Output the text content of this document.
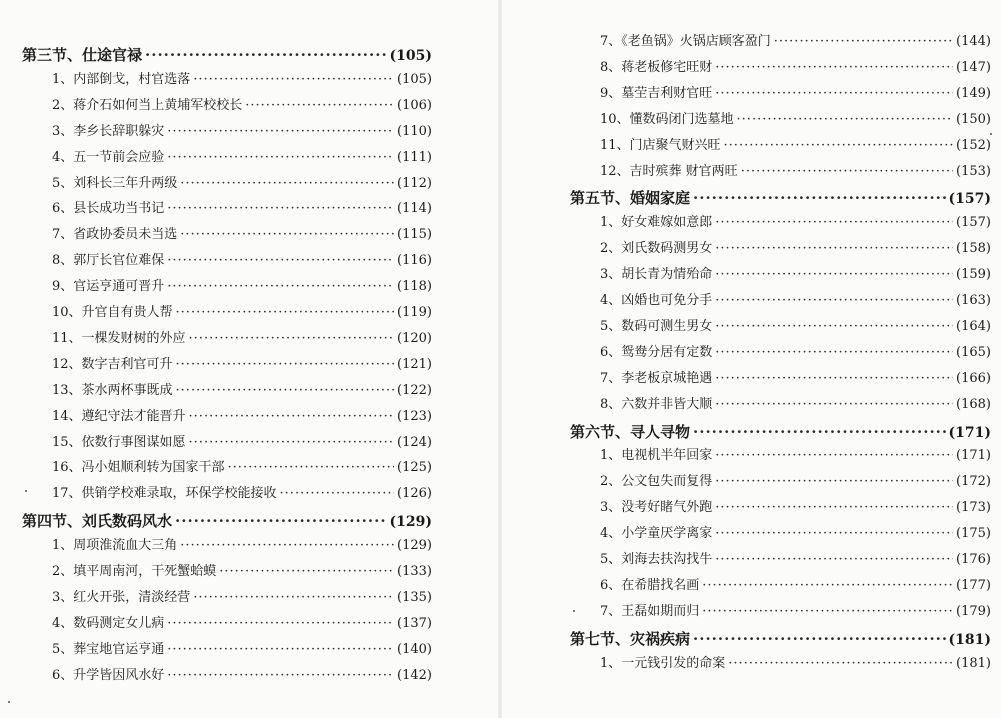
第三节、仕途官禄 ·····	(105)
1、内部倒戈，村官选落 ·····	(105)
2、蒋介石如何当上黄埔军校校长 ·····	(106)
3、李乡长辞职躲灾 ·····	(110)
4、五一节前会应验 ·····	(111)
5、刘科长三年升两级 ·····	(112)
6、县长成功当书记 ·····	(114)
7、省政协委员未当选 ·····	(115)
8、郭厅长官位难保 ·····	(116)
9、官运亨通可晋升 ·····	(118)
10、升官自有贵人帮 ·····	(119)
11、一棵发财树的外应 ·····	(120)
12、数字吉利官可升 ·····	(121)
13、茶水两杯事既成 ·····	(122)
14、遵纪守法才能晋升 ·····	(123)
15、依数行事图谋如愿 ·····	(124)
16、冯小姐顺利转为国家干部 ·····	(125)
17、供销学校难录取，环保学校能接收 ·····	(126)
第四节、刘氏数码风水 ·····	(129)
1、周项淮流血大三角 ·····	(129)
2、填平周南河，干死蟹蛤蟆 ·····	(133)
3、红火开张，清淡经营 ·····	(135)
4、数码测定女儿病 ·····	(137)
5、葬宝地官运亨通 ·····	(140)
6、升学皆因风水好 ·····	(142)
7、《老鱼锅》火锅店顾客盈门 ·····	(144)
8、蒋老板修宅旺财 ·····	(147)
9、墓茔吉利财官旺 ·····	(149)
10、懂数码闭门选墓地 ·····	(150)
11、门店聚气财兴旺 ·····	(152)
12、吉时殡葬 财官两旺 ·····	(153)
第五节、婚姻家庭 ·····	(157)
1、好女难嫁如意郎 ·····	(157)
2、刘氏数码测男女 ·····	(158)
3、胡长青为情殆命 ·····	(159)
4、凶婚也可免分手 ·····	(163)
5、数码可测生男女 ·····	(164)
6、鸳鸯分居有定数 ·····	(165)
7、李老板京城艳遇 ·····	(166)
8、六数并非皆大顺 ·····	(168)
第六节、寻人寻物 ·····	(171)
1、电视机半年回家 ·····	(171)
2、公文包失而复得 ·····	(172)
3、没考好睹气外跑 ·····	(173)
4、小学童厌学离家 ·····	(175)
5、刘海去扶沟找牛 ·····	(176)
6、在希腊找名画 ·····	(177)
7、王磊如期而归 ·····	(179)
第七节、灾祸疾病 ·····	(181)
1、一元钱引发的命案 ·····	(181)
